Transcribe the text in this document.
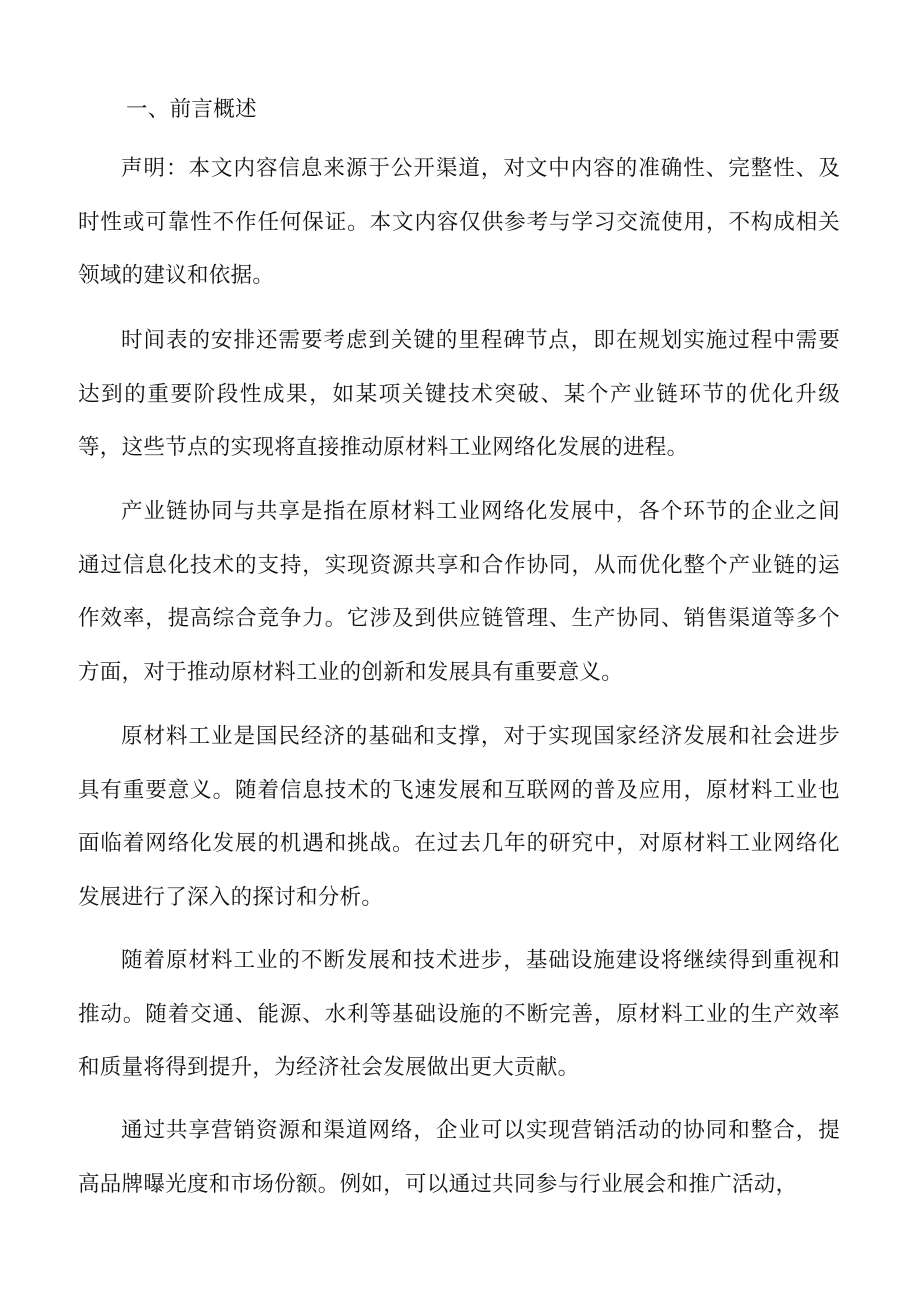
一、前言概述

声明：本文内容信息来源于公开渠道，对文中内容的准确性、完整性、及时性或可靠性不作任何保证。本文内容仅供参考与学习交流使用，不构成相关领域的建议和依据。

时间表的安排还需要考虑到关键的里程碑节点，即在规划实施过程中需要达到的重要阶段性成果，如某项关键技术突破、某个产业链环节的优化升级等，这些节点的实现将直接推动原材料工业网络化发展的进程。

产业链协同与共享是指在原材料工业网络化发展中，各个环节的企业之间通过信息化技术的支持，实现资源共享和合作协同，从而优化整个产业链的运作效率，提高综合竞争力。它涉及到供应链管理、生产协同、销售渠道等多个方面，对于推动原材料工业的创新和发展具有重要意义。

原材料工业是国民经济的基础和支撑，对于实现国家经济发展和社会进步具有重要意义。随着信息技术的飞速发展和互联网的普及应用，原材料工业也面临着网络化发展的机遇和挑战。在过去几年的研究中，对原材料工业网络化发展进行了深入的探讨和分析。

随着原材料工业的不断发展和技术进步，基础设施建设将继续得到重视和推动。随着交通、能源、水利等基础设施的不断完善，原材料工业的生产效率和质量将得到提升，为经济社会发展做出更大贡献。

通过共享营销资源和渠道网络，企业可以实现营销活动的协同和整合，提高品牌曝光度和市场份额。例如，可以通过共同参与行业展会和推广活动，
